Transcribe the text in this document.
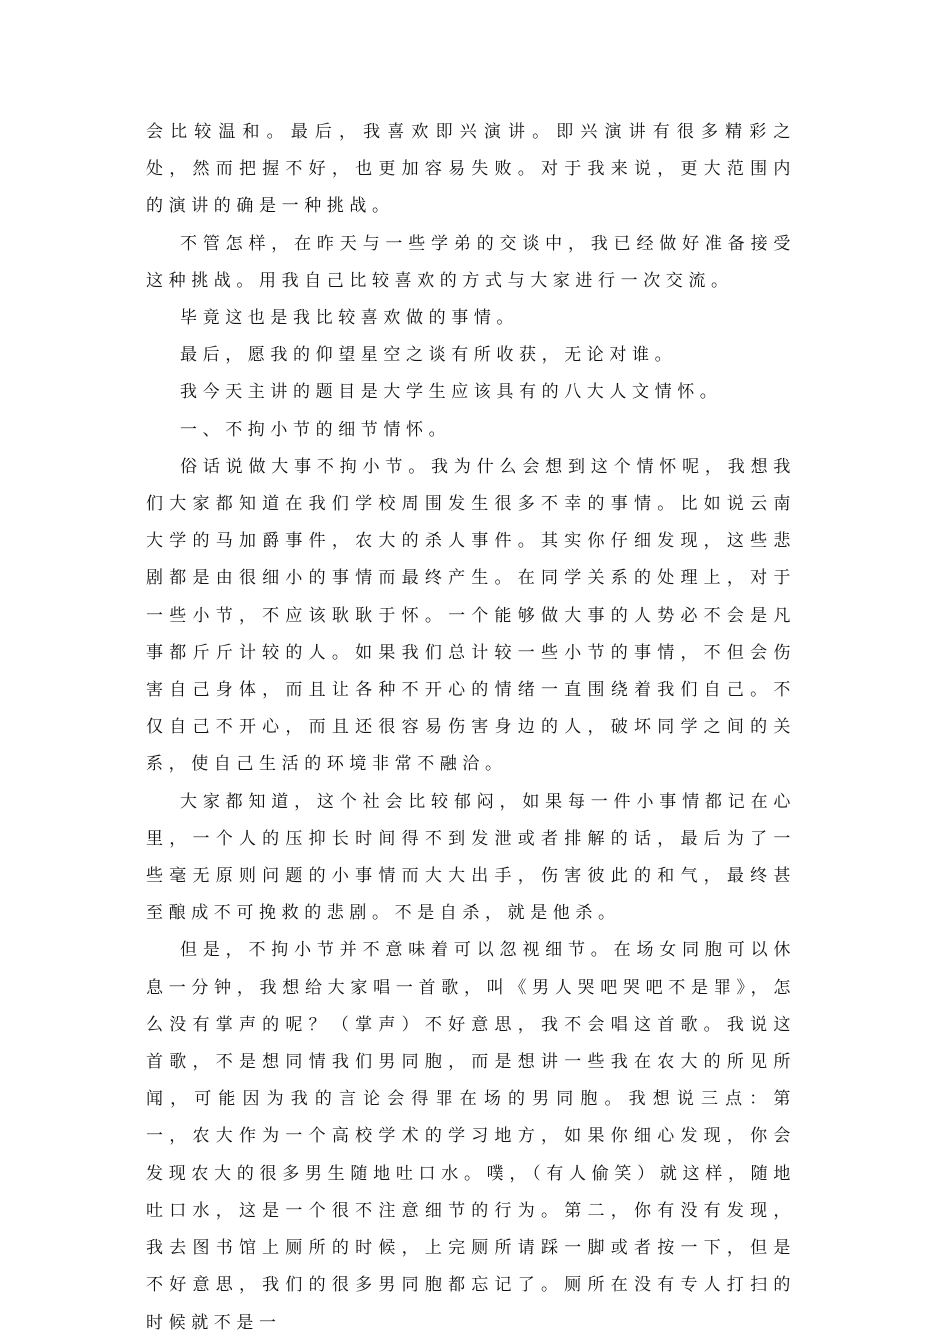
会比较温和。最后，我喜欢即兴演讲。即兴演讲有很多精彩之处，然而把握不好，也更加容易失败。对于我来说，更大范围内的演讲的确是一种挑战。

不管怎样，在昨天与一些学弟的交谈中，我已经做好准备接受这种挑战。用我自己比较喜欢的方式与大家进行一次交流。

毕竟这也是我比较喜欢做的事情。

最后，愿我的仰望星空之谈有所收获，无论对谁。

我今天主讲的题目是大学生应该具有的八大人文情怀。

一、不拘小节的细节情怀。

俗话说做大事不拘小节。我为什么会想到这个情怀呢，我想我们大家都知道在我们学校周围发生很多不幸的事情。比如说云南大学的马加爵事件，农大的杀人事件。其实你仔细发现，这些悲剧都是由很细小的事情而最终产生。在同学关系的处理上，对于一些小节，不应该耿耿于怀。一个能够做大事的人势必不会是凡事都斤斤计较的人。如果我们总计较一些小节的事情，不但会伤害自己身体，而且让各种不开心的情绪一直围绕着我们自己。不仅自己不开心，而且还很容易伤害身边的人，破坏同学之间的关系，使自己生活的环境非常不融洽。

大家都知道，这个社会比较郁闷，如果每一件小事情都记在心里，一个人的压抑长时间得不到发泄或者排解的话，最后为了一些毫无原则问题的小事情而大大出手，伤害彼此的和气，最终甚至酿成不可挽救的悲剧。不是自杀，就是他杀。

但是，不拘小节并不意味着可以忽视细节。在场女同胞可以休息一分钟，我想给大家唱一首歌，叫《男人哭吧哭吧不是罪》，怎么没有掌声的呢？（掌声）不好意思，我不会唱这首歌。我说这首歌，不是想同情我们男同胞，而是想讲一些我在农大的所见所闻，可能因为我的言论会得罪在场的男同胞。我想说三点：第一，农大作为一个高校学术的学习地方，如果你细心发现，你会发现农大的很多男生随地吐口水。噗，（有人偷笑）就这样，随地吐口水，这是一个很不注意细节的行为。第二，你有没有发现，我去图书馆上厕所的时候，上完厕所请踩一脚或者按一下，但是不好意思，我们的很多男同胞都忘记了。厕所在没有专人打扫的时候就不是一
